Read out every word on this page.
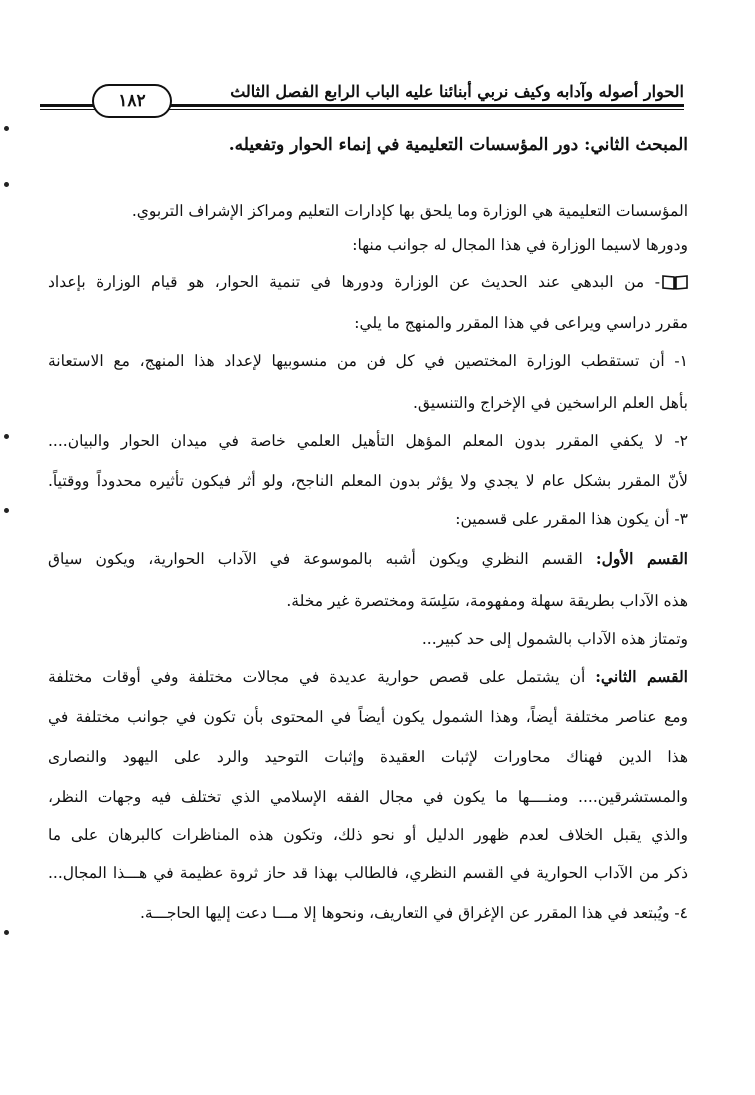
١٨٢	الحوار أصوله وآدابه وكيف نربي أبنائنا عليه الباب الرابع الفصل الثالث
المبحث الثاني: دور المؤسسات التعليمية في إنماء الحوار وتفعيله.
المؤسسات التعليمية هي الوزارة وما يلحق بها كإدارات التعليم ومراكز الإشراف التربوي.
ودورها لاسيما الوزارة في هذا المجال له جوانب منها:
- من البدهي عند الحديث عن الوزارة ودورها في تنمية الحوار، هو قيام الوزارة بإعداد
مقرر دراسي ويراعى في هذا المقرر والمنهج ما يلي:
١- أن تستقطب الوزارة المختصين في كل فن من منسوبيها لإعداد هذا المنهج، مع الاستعانة
بأهل العلم الراسخين في الإخراج والتنسيق.
٢- لا يكفي المقرر بدون المعلم المؤهل التأهيل العلمي خاصة في ميدان الحوار والبيان....
لأنّ المقرر بشكل عام لا يجدي ولا يؤثر بدون المعلم الناجح، ولو أثر فيكون تأثيره محدوداً ووقتياً.
٣- أن يكون هذا المقرر على قسمين:
القسم الأول: القسم النظري ويكون أشبه بالموسوعة في الآداب الحوارية، ويكون سياق
هذه الآداب بطريقة سهلة ومفهومة، سَلِسَة ومختصرة غير مخلة.
وتمتاز هذه الآداب بالشمول إلى حد كبير...
القسم الثاني: أن يشتمل على قصص حوارية عديدة في مجالات مختلفة وفي أوقات مختلفة
ومع عناصر مختلفة أيضاً، وهذا الشمول يكون أيضاً في المحتوى بأن تكون في جوانب مختلفة في
هذا الدين فهناك محاورات لإثبات العقيدة وإثبات التوحيد والرد على اليهود والنصارى
والمستشرقين.... ومنــــها ما يكون في مجال الفقه الإسلامي الذي تختلف فيه وجهات النظر،
والذي يقبل الخلاف لعدم ظهور الدليل أو نحو ذلك، وتكون هذه المناظرات كالبرهان على ما
ذكر من الآداب الحوارية في القسم النظري، فالطالب بهذا قد حاز ثروة عظيمة في هـــذا المجال...
٤- ويُبتعد في هذا المقرر عن الإغراق في التعاريف، ونحوها إلا مـــا دعت إليها الحاجـــة.
